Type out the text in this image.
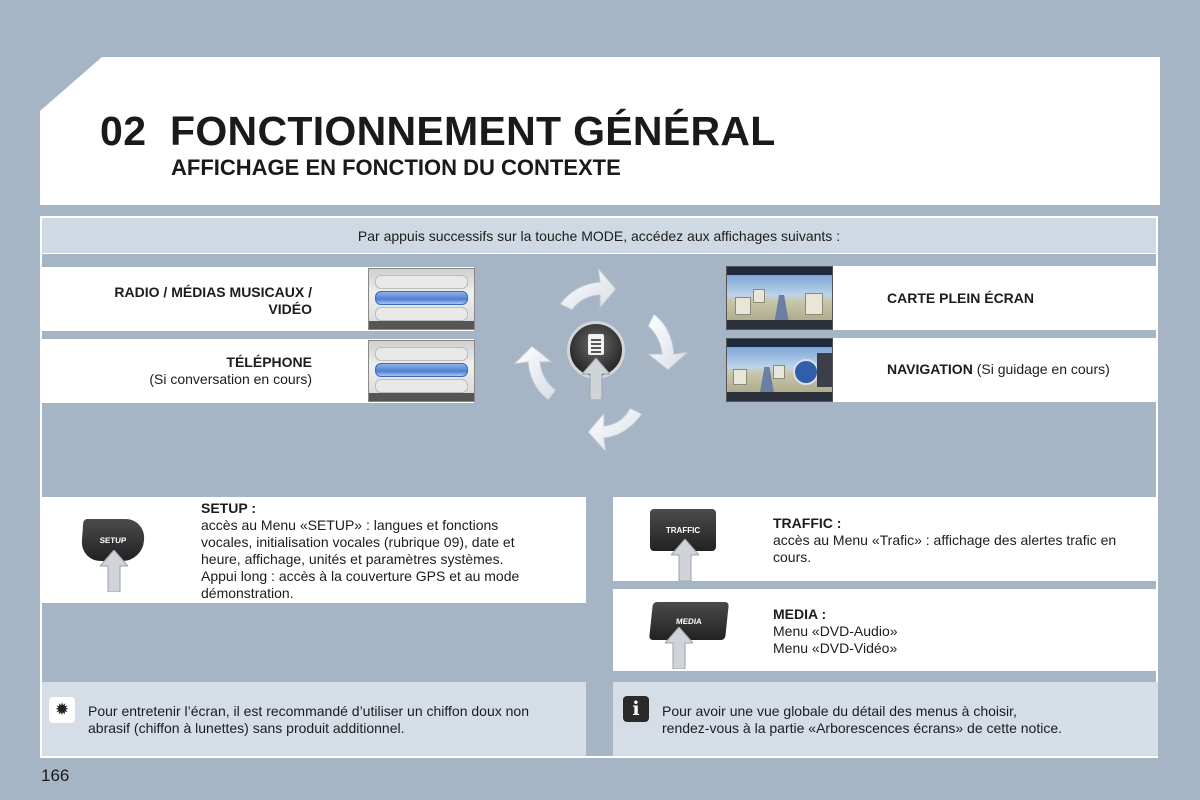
02 FONCTIONNEMENT GÉNÉRAL
AFFICHAGE EN FONCTION DU CONTEXTE
Par appuis successifs sur la touche MODE, accédez aux affichages suivants :
RADIO / MÉDIAS MUSICAUX /
VIDÉO
TÉLÉPHONE
(Si conversation en cours)
CARTE PLEIN ÉCRAN
NAVIGATION (Si guidage en cours)
SETUP
SETUP :
accès au Menu «SETUP» : langues et fonctions vocales, initialisation vocales (rubrique 09), date et heure, affichage, unités et paramètres systèmes.
Appui long : accès à la couverture GPS et au mode démonstration.
TRAFFIC	TRAFFIC :
accès au Menu «Trafic» : affichage des alertes trafic en cours.
MEDIA	MEDIA :
Menu «DVD-Audio»
Menu «DVD-Vidéo»
✹	Pour entretenir l’écran, il est recommandé d’utiliser un chiffon doux non abrasif (chiffon à lunettes) sans produit additionnel.
i	Pour avoir une vue globale du détail des menus à choisir,
rendez-vous à la partie «Arborescences écrans» de cette notice.
166
